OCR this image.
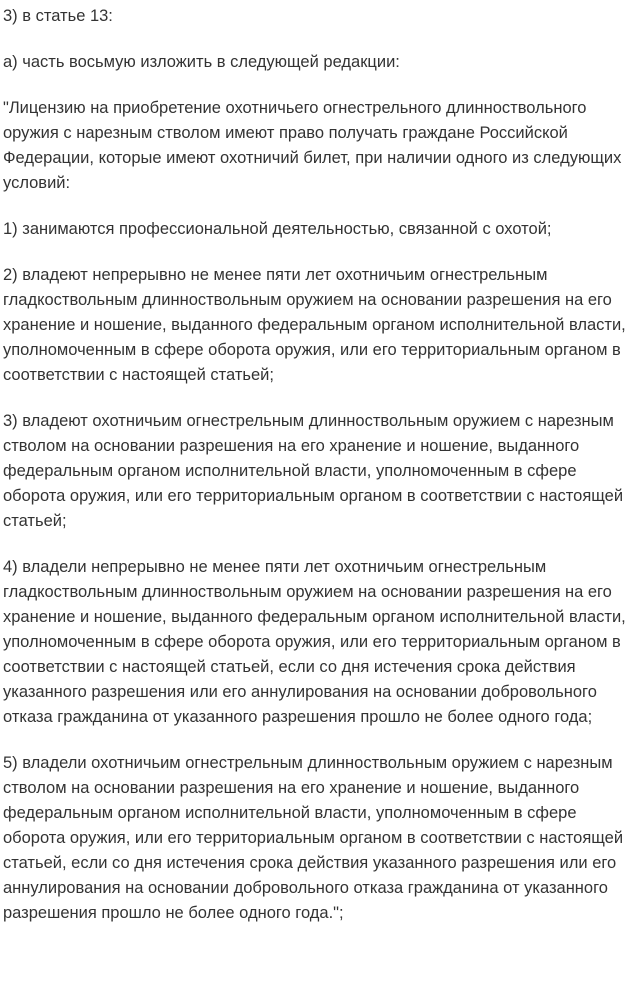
3) в статье 13:

а) часть восьмую изложить в следующей редакции:

"Лицензию на приобретение охотничьего огнестрельного длинноствольного оружия с нарезным стволом имеют право получать граждане Российской Федерации, которые имеют охотничий билет, при наличии одного из следующих условий:

1) занимаются профессиональной деятельностью, связанной с охотой;

2) владеют непрерывно не менее пяти лет охотничьим огнестрельным гладкоствольным длинноствольным оружием на основании разрешения на его хранение и ношение, выданного федеральным органом исполнительной власти, уполномоченным в сфере оборота оружия, или его территориальным органом в соответствии с настоящей статьей;

3) владеют охотничьим огнестрельным длинноствольным оружием с нарезным стволом на основании разрешения на его хранение и ношение, выданного федеральным органом исполнительной власти, уполномоченным в сфере оборота оружия, или его территориальным органом в соответствии с настоящей статьей;

4) владели непрерывно не менее пяти лет охотничьим огнестрельным гладкоствольным длинноствольным оружием на основании разрешения на его хранение и ношение, выданного федеральным органом исполнительной власти, уполномоченным в сфере оборота оружия, или его территориальным органом в соответствии с настоящей статьей, если со дня истечения срока действия указанного разрешения или его аннулирования на основании добровольного отказа гражданина от указанного разрешения прошло не более одного года;

5) владели охотничьим огнестрельным длинноствольным оружием с нарезным стволом на основании разрешения на его хранение и ношение, выданного федеральным органом исполнительной власти, уполномоченным в сфере оборота оружия, или его территориальным органом в соответствии с настоящей статьей, если со дня истечения срока действия указанного разрешения или его аннулирования на основании добровольного отказа гражданина от указанного разрешения прошло не более одного года.";
